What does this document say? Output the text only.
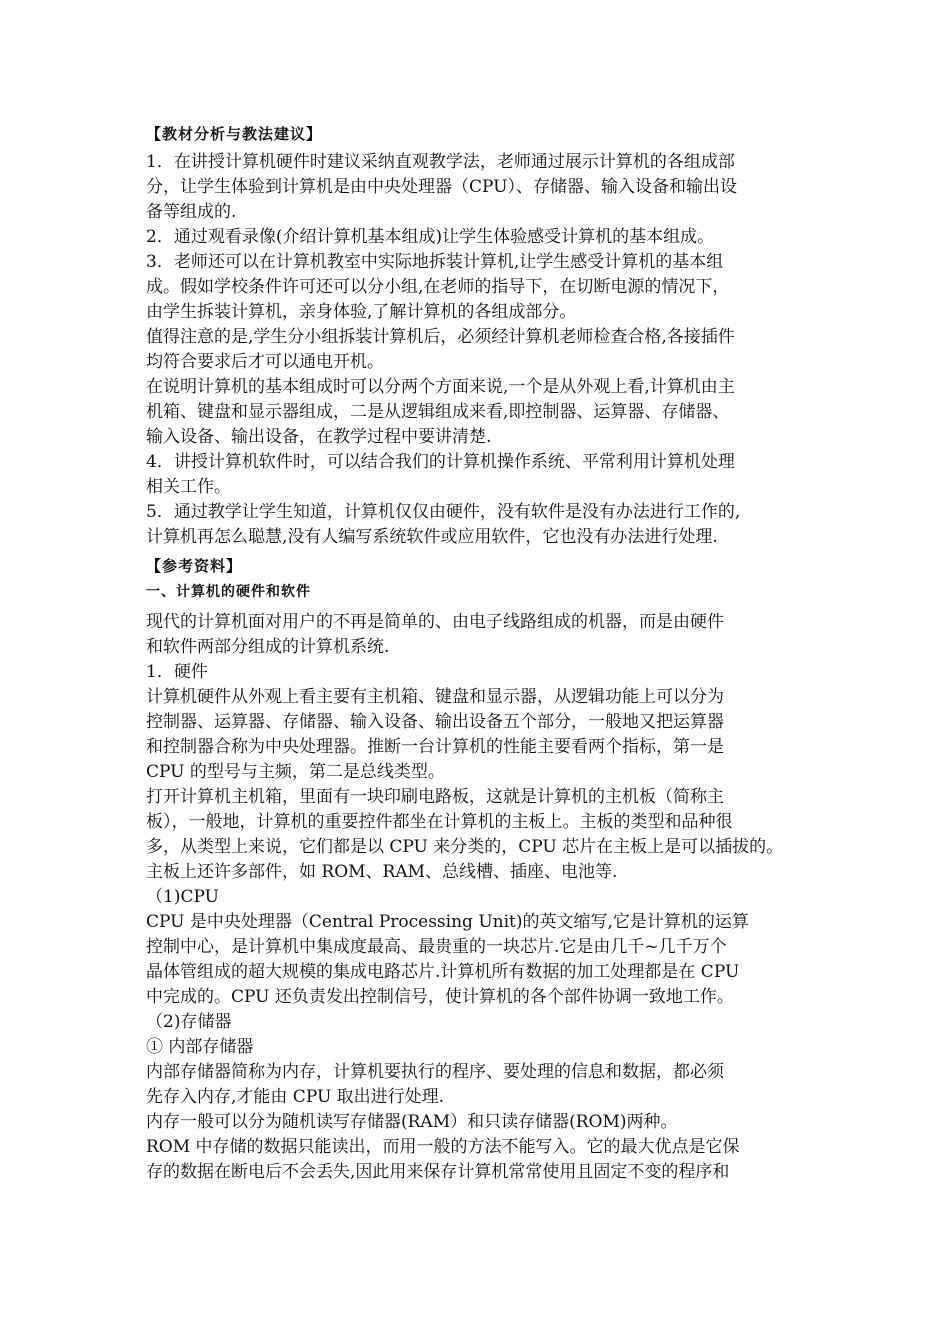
【教材分析与教法建议】
1．在讲授计算机硬件时建议采纳直观教学法，老师通过展示计算机的各组成部
分，让学生体验到计算机是由中央处理器（CPU）、存储器、输入设备和输出设
备等组成的.
2．通过观看录像(介绍计算机基本组成)让学生体验感受计算机的基本组成。
3．老师还可以在计算机教室中实际地拆装计算机,让学生感受计算机的基本组
成。假如学校条件许可还可以分小组,在老师的指导下，在切断电源的情况下，
由学生拆装计算机，亲身体验,了解计算机的各组成部分。
值得注意的是,学生分小组拆装计算机后，必须经计算机老师检查合格,各接插件
均符合要求后才可以通电开机。
在说明计算机的基本组成时可以分两个方面来说,一个是从外观上看,计算机由主
机箱、键盘和显示器组成，二是从逻辑组成来看,即控制器、运算器、存储器、
输入设备、输出设备，在教学过程中要讲清楚.
4．讲授计算机软件时，可以结合我们的计算机操作系统、平常利用计算机处理
相关工作。
5．通过教学让学生知道，计算机仅仅由硬件，没有软件是没有办法进行工作的,
计算机再怎么聪慧,没有人编写系统软件或应用软件，它也没有办法进行处理.
【参考资料】
一、计算机的硬件和软件
现代的计算机面对用户的不再是简单的、由电子线路组成的机器，而是由硬件
和软件两部分组成的计算机系统.
1．硬件
计算机硬件从外观上看主要有主机箱、键盘和显示器，从逻辑功能上可以分为
控制器、运算器、存储器、输入设备、输出设备五个部分，一般地又把运算器
和控制器合称为中央处理器。推断一台计算机的性能主要看两个指标，第一是
CPU 的型号与主频，第二是总线类型。
打开计算机主机箱，里面有一块印刷电路板，这就是计算机的主机板（简称主
板），一般地，计算机的重要控件都坐在计算机的主板上。主板的类型和品种很
多，从类型上来说，它们都是以 CPU 来分类的，CPU 芯片在主板上是可以插拔的。
主板上还许多部件，如 ROM、RAM、总线槽、插座、电池等.
（1)CPU
CPU 是中央处理器（Central Processing Unit)的英文缩写,它是计算机的运算
控制中心，是计算机中集成度最高、最贵重的一块芯片.它是由几千~几千万个
晶体管组成的超大规模的集成电路芯片.计算机所有数据的加工处理都是在 CPU
中完成的。CPU 还负责发出控制信号，使计算机的各个部件协调一致地工作。
（2)存储器
① 内部存储器
内部存储器简称为内存，计算机要执行的程序、要处理的信息和数据，都必须
先存入内存,才能由 CPU 取出进行处理.
内存一般可以分为随机读写存储器(RAM）和只读存储器(ROM)两种。
ROM 中存储的数据只能读出，而用一般的方法不能写入。它的最大优点是它保
存的数据在断电后不会丢失,因此用来保存计算机常常使用且固定不变的程序和
